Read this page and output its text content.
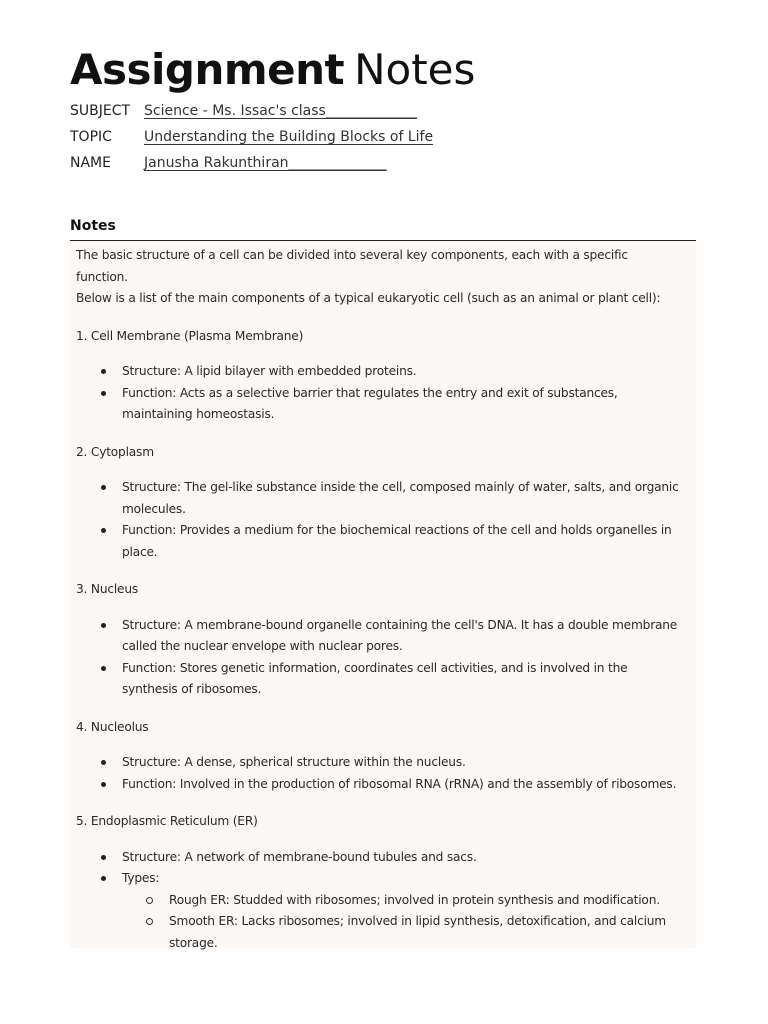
Assignment Notes
SUBJECT Science - Ms. Issac's class_____________
TOPIC Understanding the Building Blocks of Life
NAME Janusha Rakunthiran______________
Notes

The basic structure of a cell can be divided into several key components, each with a specific function.

Below is a list of the main components of a typical eukaryotic cell (such as an animal or plant cell):

1. Cell Membrane (Plasma Membrane)

Structure: A lipid bilayer with embedded proteins.
Function: Acts as a selective barrier that regulates the entry and exit of substances, maintaining homeostasis.

2. Cytoplasm

Structure: The gel-like substance inside the cell, composed mainly of water, salts, and organic molecules.
Function: Provides a medium for the biochemical reactions of the cell and holds organelles in place.

3. Nucleus

Structure: A membrane-bound organelle containing the cell's DNA. It has a double membrane called the nuclear envelope with nuclear pores.
Function: Stores genetic information, coordinates cell activities, and is involved in the synthesis of ribosomes.

4. Nucleolus

Structure: A dense, spherical structure within the nucleus.
Function: Involved in the production of ribosomal RNA (rRNA) and the assembly of ribosomes.

5. Endoplasmic Reticulum (ER)

Structure: A network of membrane-bound tubules and sacs.
Types:
Rough ER: Studded with ribosomes; involved in protein synthesis and modification.
Smooth ER: Lacks ribosomes; involved in lipid synthesis, detoxification, and calcium storage.
